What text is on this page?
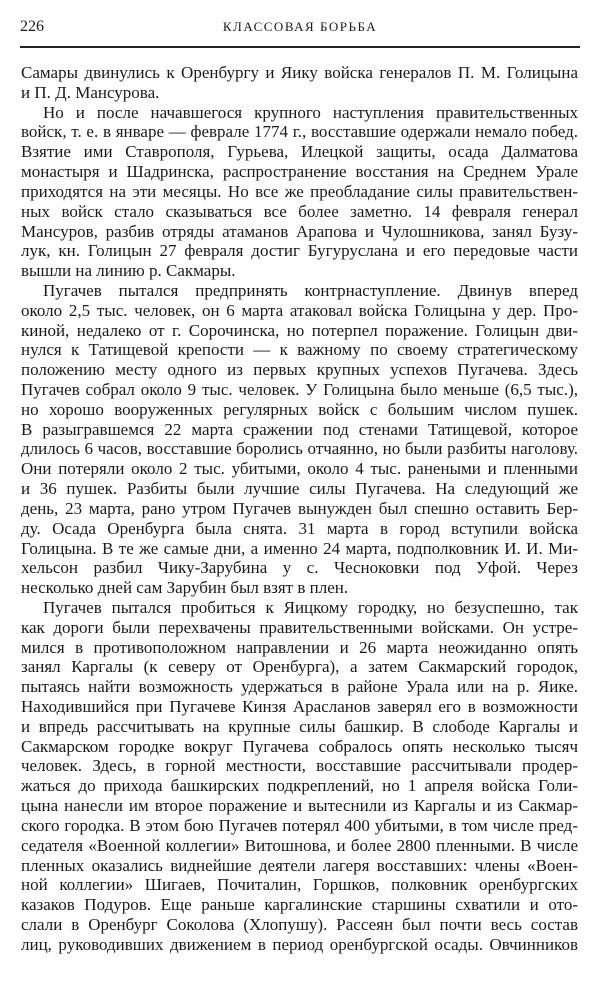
226	КЛАССОВАЯ БОРЬБА
Самары двинулись к Оренбургу и Яику войска генералов П. М. Голицына
и П. Д. Мансурова.
Но и после начавшегося крупного наступления правительственных
войск, т. е. в январе — феврале 1774 г., восставшие одержали немало побед.
Взятие ими Ставрополя, Гурьева, Илецкой защиты, осада Далматова
монастыря и Шадринска, распространение восстания на Среднем Урале
приходятся на эти месяцы. Но все же преобладание силы правительствен-
ных войск стало сказываться все более заметно. 14 февраля генерал
Мансуров, разбив отряды атаманов Арапова и Чулошникова, занял Бузу-
лук, кн. Голицын 27 февраля достиг Бугуруслана и его передовые части
вышли на линию р. Сакмары.
Пугачев пытался предпринять контрнаступление. Двинув вперед
около 2,5 тыс. человек, он 6 марта атаковал войска Голицына у дер. Про-
киной, недалеко от г. Сорочинска, но потерпел поражение. Голицын дви-
нулся к Татищевой крепости — к важному по своему стратегическому
положению месту одного из первых крупных успехов Пугачева. Здесь
Пугачев собрал около 9 тыс. человек. У Голицына было меньше (6,5 тыс.),
но хорошо вооруженных регулярных войск с большим числом пушек.
В разыгравшемся 22 марта сражении под стенами Татищевой, которое
длилось 6 часов, восставшие боролись отчаянно, но были разбиты наголову.
Они потеряли около 2 тыс. убитыми, около 4 тыс. ранеными и пленными
и 36 пушек. Разбиты были лучшие силы Пугачева. На следующий же
день, 23 марта, рано утром Пугачев вынужден был спешно оставить Бер-
ду. Осада Оренбурга была снята. 31 марта в город вступили войска
Голицына. В те же самые дни, а именно 24 марта, подполковник И. И. Ми-
хельсон разбил Чику-Зарубина у с. Чесноковки под Уфой. Через
несколько дней сам Зарубин был взят в плен.
Пугачев пытался пробиться к Яицкому городку, но безуспешно, так
как дороги были перехвачены правительственными войсками. Он устре-
мился в противоположном направлении и 26 марта неожиданно опять
занял Каргалы (к северу от Оренбурга), а затем Сакмарский городок,
пытаясь найти возможность удержаться в районе Урала или на р. Яике.
Находившийся при Пугачеве Кинзя Арасланов заверял его в возможности
и впредь рассчитывать на крупные силы башкир. В слободе Каргалы и
Сакмарском городке вокруг Пугачева собралось опять несколько тысяч
человек. Здесь, в горной местности, восставшие рассчитывали продер-
жаться до прихода башкирских подкреплений, но 1 апреля войска Голи-
цына нанесли им второе поражение и вытеснили из Каргалы и из Сакмар-
ского городка. В этом бою Пугачев потерял 400 убитыми, в том числе пред-
седателя «Военной коллегии» Витошнова, и более 2800 пленными. В числе
пленных оказались виднейшие деятели лагеря восставших: члены «Воен-
ной коллегии» Шигаев, Почиталин, Горшков, полковник оренбургских
казаков Подуров. Еще раньше каргалинские старшины схватили и ото-
слали в Оренбург Соколова (Хлопушу). Рассеян был почти весь состав
лиц, руководивших движением в период оренбургской осады. Овчинников
